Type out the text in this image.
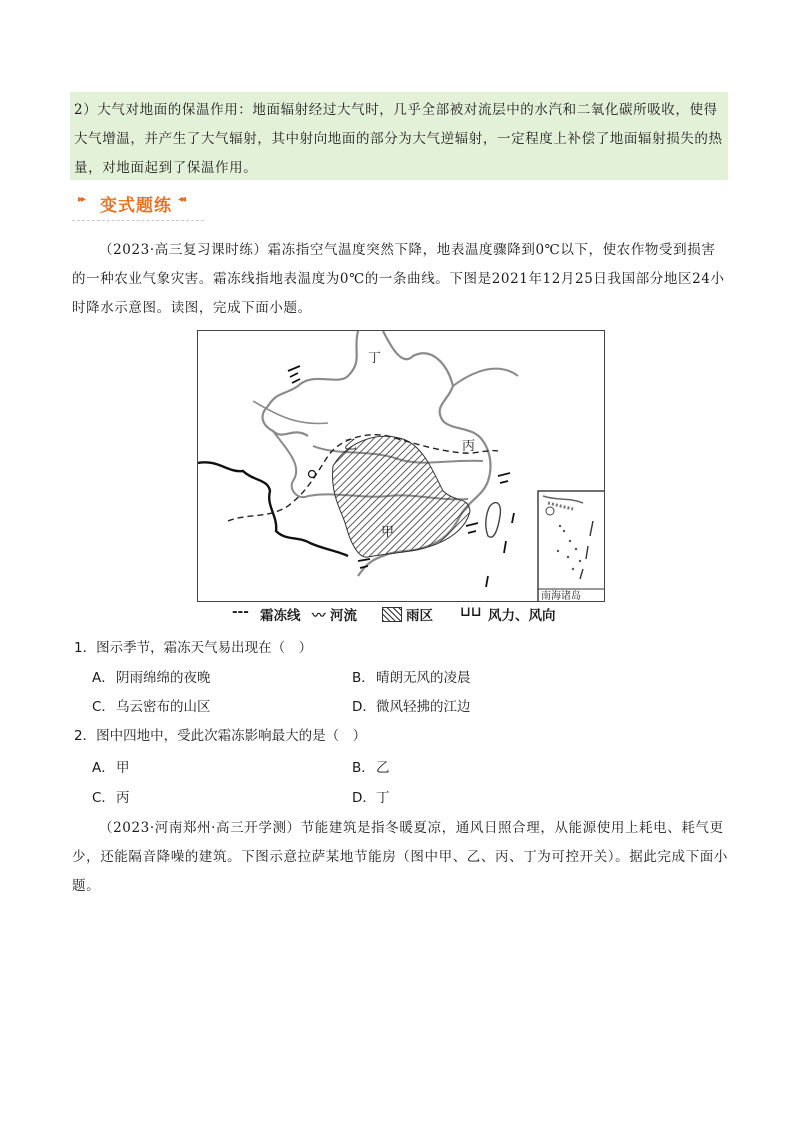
2）大气对地面的保温作用：地面辐射经过大气时，几乎全部被对流层中的水汽和二氧化碳所吸收，使得大气增温，并产生了大气辐射，其中射向地面的部分为大气逆辐射，一定程度上补偿了地面辐射损失的热量，对地面起到了保温作用。
▸▸ 变式题练 ◂◂
（2023·高三复习课时练）霜冻指空气温度突然下降，地表温度骤降到0℃以下，使农作物受到损害的一种农业气象灾害。霜冻线指地表温度为0℃的一条曲线。下图是2021年12月25日我国部分地区24小时降水示意图。读图，完成下面小题。
丁
乙	丙
甲
南海诸岛
--- 霜冻线 〰 河流	雨区 ⊔⊔ 风力、风向
1．图示季节，霜冻天气易出现在（　）
A．阴雨绵绵的夜晚	B．晴朗无风的凌晨
C．乌云密布的山区	D．微风轻拂的江边
2．图中四地中，受此次霜冻影响最大的是（　）
A．甲	B．乙
C．丙	D．丁
（2023·河南郑州·高三开学测）节能建筑是指冬暖夏凉，通风日照合理，从能源使用上耗电、耗气更少，还能隔音降噪的建筑。下图示意拉萨某地节能房（图中甲、乙、丙、丁为可控开关）。据此完成下面小题。
